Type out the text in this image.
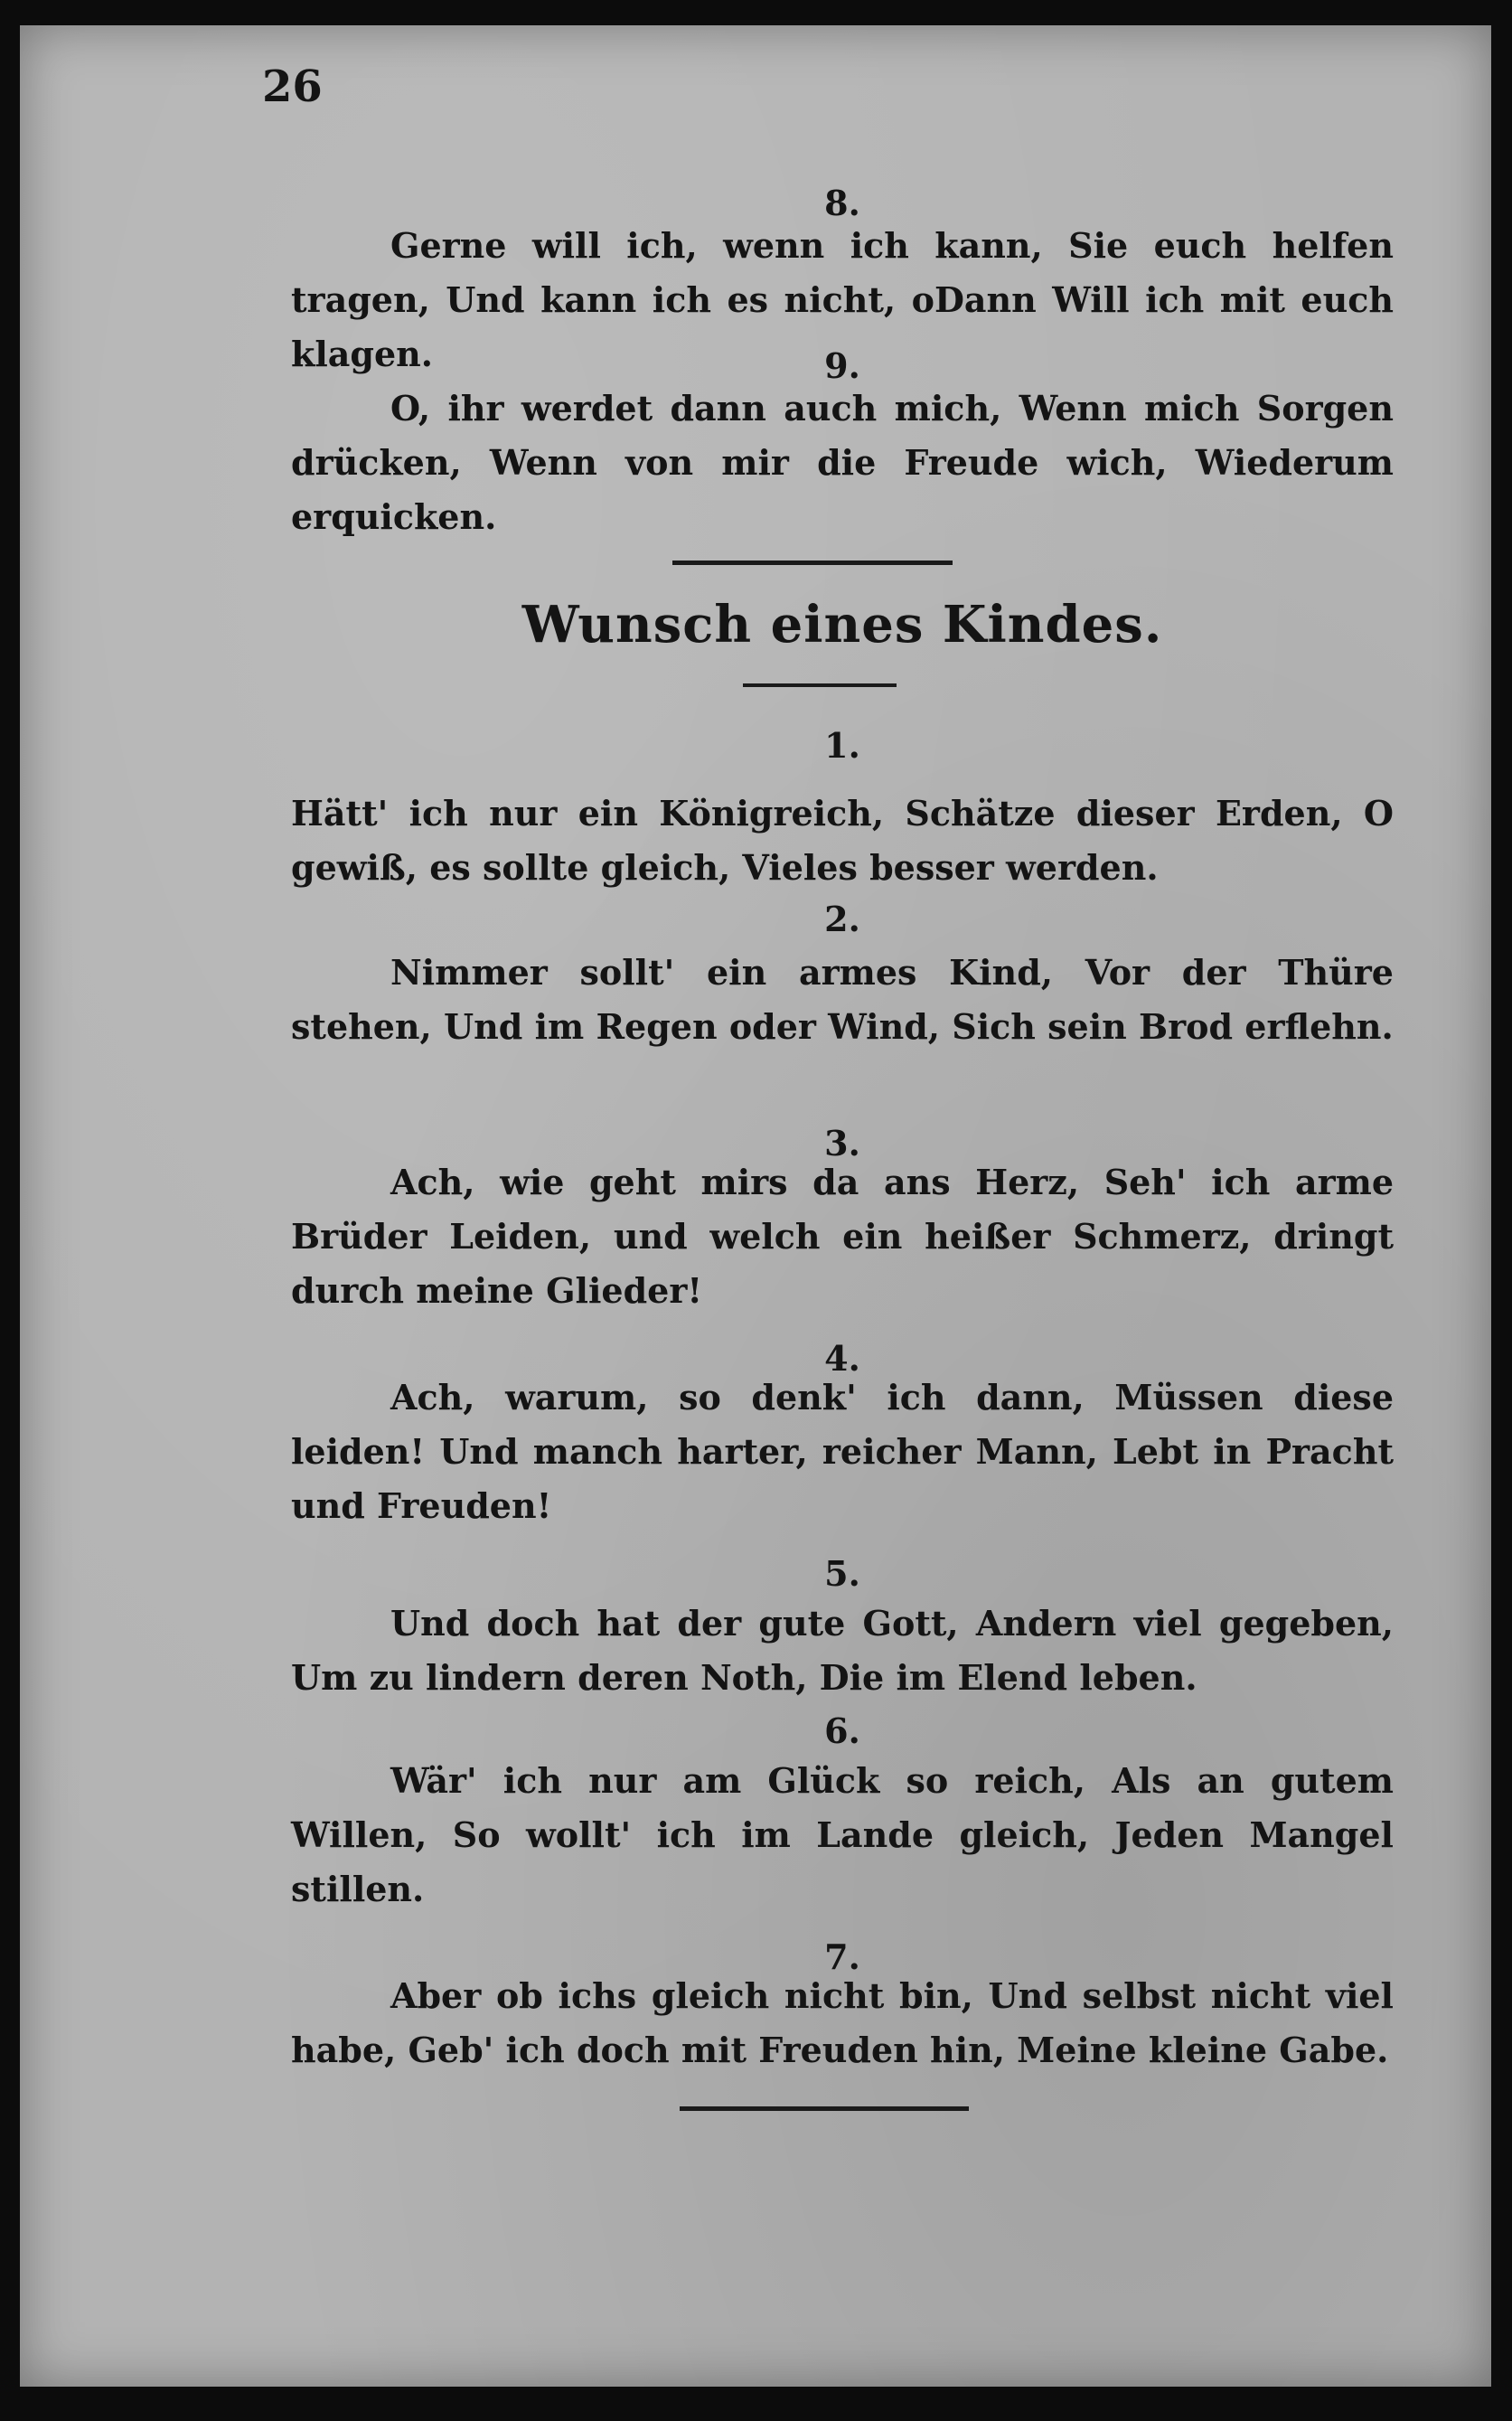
26
8.
Gerne will ich, wenn ich kann, Sie euch helfen tragen, Und kann ich es nicht, oDann Will ich mit euch klagen.	9.
O, ihr werdet dann auch mich, Wenn mich Sorgen drücken, Wenn von mir die Freude wich, Wiederum erquicken.
Wunsch eines Kindes.
1.
Hätt' ich nur ein Königreich, Schätze dieser Erden, O gewiß, es sollte gleich, Vieles besser werden.
2.
Nimmer sollt' ein armes Kind, Vor der Thüre stehen, Und im Regen oder Wind, Sich sein Brod erflehn.
3.
Ach, wie geht mirs da ans Herz, Seh' ich arme Brüder Leiden, und welch ein heißer Schmerz, dringt durch meine Glieder!
4.
Ach, warum, so denk' ich dann, Müssen diese leiden! Und manch harter, reicher Mann, Lebt in Pracht und Freuden!
5.
Und doch hat der gute Gott, Andern viel gegeben, Um zu lindern deren Noth, Die im Elend leben.
6.
Wär' ich nur am Glück so reich, Als an gutem Willen, So wollt' ich im Lande gleich, Jeden Mangel stillen.
7.
Aber ob ichs gleich nicht bin, Und selbst nicht viel habe, Geb' ich doch mit Freuden hin, Meine kleine Gabe.
